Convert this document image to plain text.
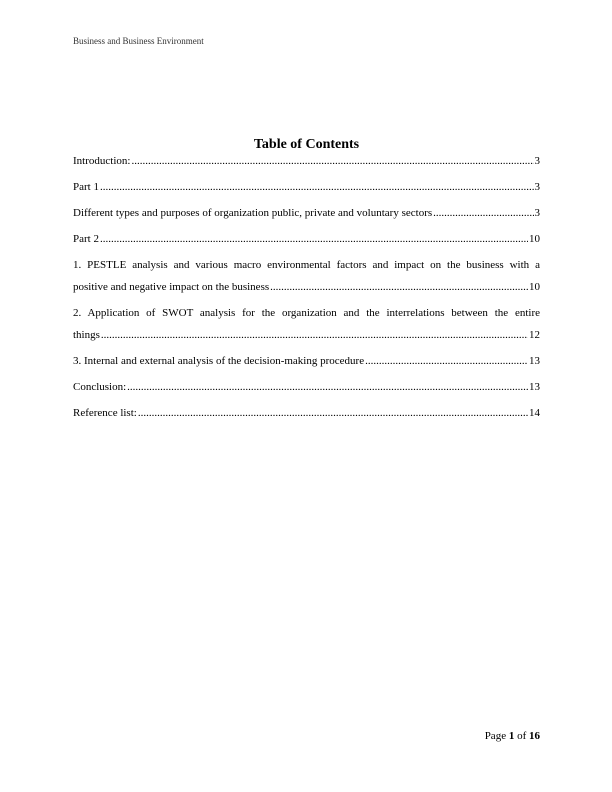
Business and Business Environment
Table of Contents
Introduction: .....	3
Part 1 .....	3
Different types and purposes of organization public, private and voluntary sectors .....	3
Part 2 .....	10
1. PESTLE analysis and various macro environmental factors and impact on the business with a
positive and negative impact on the business .....	10
2. Application of SWOT analysis for the organization and the interrelations between the entire
things .....	12
3. Internal and external analysis of the decision-making procedure .....	13
Conclusion: .....	13
Reference list: .....	14
Page 1 of 16
